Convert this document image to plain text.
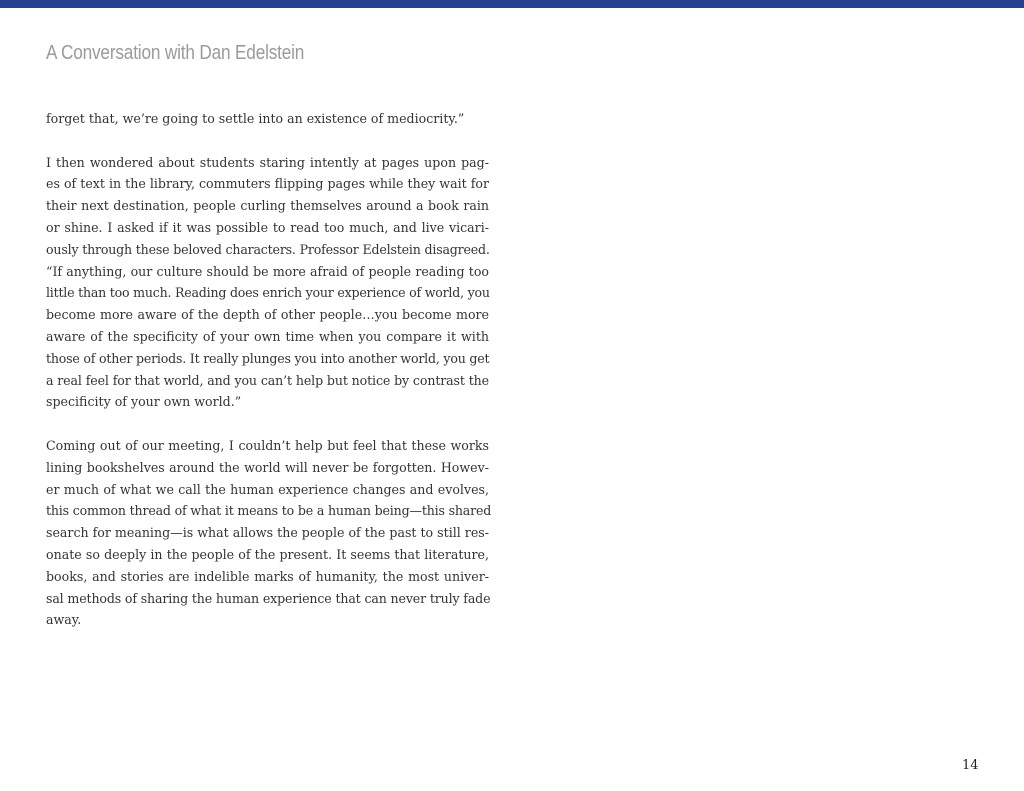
A Conversation with Dan Edelstein
forget that, we’re going to settle into an existence of mediocrity.”
I then wondered about students staring intently at pages upon pag-
es of text in the library, commuters flipping pages while they wait for
their next destination, people curling themselves around a book rain
or shine. I asked if it was possible to read too much, and live vicari-
ously through these beloved characters. Professor Edelstein disagreed.
“If anything, our culture should be more afraid of people reading too
little than too much. Reading does enrich your experience of world, you
become more aware of the depth of other people…you become more
aware of the specificity of your own time when you compare it with
those of other periods. It really plunges you into another world, you get
a real feel for that world, and you can’t help but notice by contrast the
specificity of your own world.”
Coming out of our meeting, I couldn’t help but feel that these works
lining bookshelves around the world will never be forgotten. Howev-
er much of what we call the human experience changes and evolves,
this common thread of what it means to be a human being—this shared
search for meaning—is what allows the people of the past to still res-
onate so deeply in the people of the present. It seems that literature,
books, and stories are indelible marks of humanity, the most univer-
sal methods of sharing the human experience that can never truly fade
away.
14
